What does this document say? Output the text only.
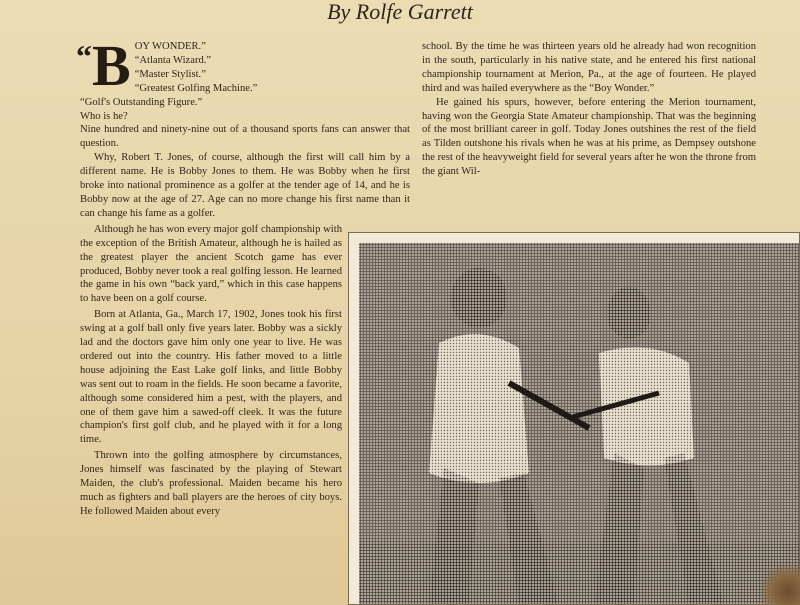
By Rolfe Garrett
“B OY WONDER.”
“Atlanta Wizard.”
“Master Stylist.”
“Greatest Golfing Machine.”
“Golf's Outstanding Figure.”
Who is he?

Nine hundred and ninety-nine out of a thousand sports fans can answer that question.

Why, Robert T. Jones, of course, although the first will call him by a different name. He is Bobby Jones to them. He was Bobby when he first broke into national prominence as a golfer at the tender age of 14, and he is Bobby now at the age of 27. Age can no more change his first name than it can change his fame as a golfer.

Although he has won every major golf championship with the exception of the British Amateur, although he is hailed as the greatest player the ancient Scotch game has ever produced, Bobby never took a real golfing lesson. He learned the game in his own “back yard,” which in this case happens to have been on a golf course.

Born at Atlanta, Ga., March 17, 1902, Jones took his first swing at a golf ball only five years later. Bobby was a sickly lad and the doctors gave him only one year to live. He was ordered out into the country. His father moved to a little house adjoining the East Lake golf links, and little Bobby was sent out to roam in the fields. He soon became a favorite, although some considered him a pest, with the players, and one of them gave him a sawed-off cleek. It was the future champion's first golf club, and he played with it for a long time.

Thrown into the golfing atmosphere by circumstances, Jones himself was fascinated by the playing of Stewart Maiden, the club's professional. Maiden became his hero much as fighters and ball players are the heroes of city boys. He followed Maiden about every

school. By the time he was thirteen years old he already had won recognition in the south, particularly in his native state, and he entered his first national championship tournament at Merion, Pa., at the age of fourteen. He played third and was hailed everywhere as the “Boy Wonder.”

He gained his spurs, however, before entering the Merion tournament, having won the Georgia State Amateur championship. That was the beginning of the most brilliant career in golf. Today Jones outshines the rest of the field as Tilden outshone his rivals when he was at his prime, as Dempsey outshone the rest of the heavyweight field for several years after he won the throne from the giant Wil-
